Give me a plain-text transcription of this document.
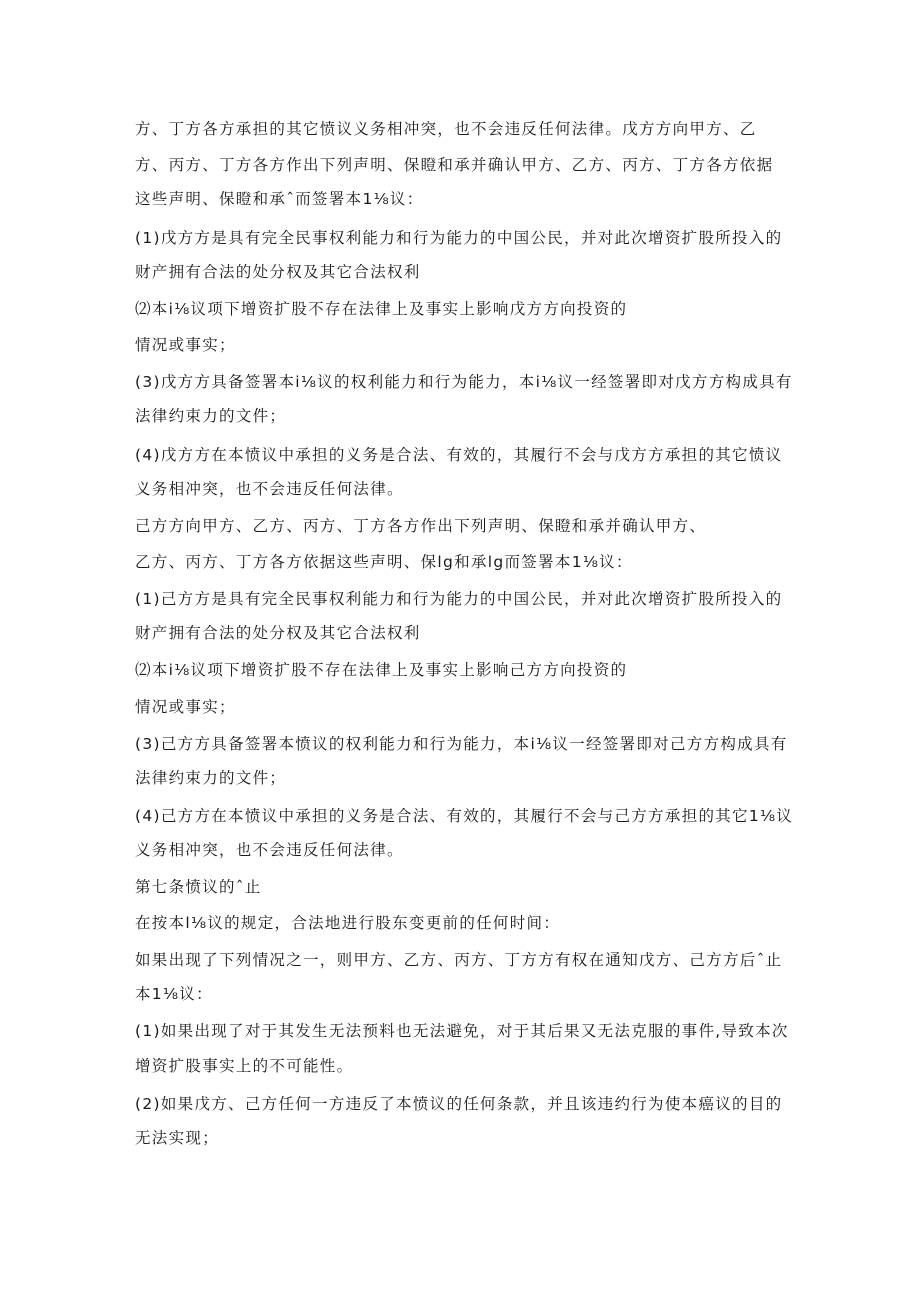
方、丁方各方承担的其它愤议义务相冲突，也不会违反任何法律。戊方方向甲方、乙
方、丙方、丁方各方作出下列声明、保瞪和承并确认甲方、乙方、丙方、丁方各方依据
这些声明、保瞪和承ˆ而签署本1⅛议：
(1)戊方方是具有完全民事权利能力和行为能力的中国公民，并对此次增资扩股所投入的
财产拥有合法的处分权及其它合法权利
⑵本i⅛议项下增资扩股不存在法律上及事实上影响戊方方向投资的
情况或事实；
(3)戊方方具备签署本i⅛议的权利能力和行为能力，本i⅛议一经签署即对戊方方构成具有
法律约束力的文件；
(4)戊方方在本愤议中承担的义务是合法、有效的，其履行不会与戊方方承担的其它愤议
义务相冲突，也不会违反任何法律。
己方方向甲方、乙方、丙方、丁方各方作出下列声明、保瞪和承并确认甲方、
乙方、丙方、丁方各方依据这些声明、保lg和承lg而签署本1⅛议：
(1)己方方是具有完全民事权利能力和行为能力的中国公民，并对此次增资扩股所投入的
财产拥有合法的处分权及其它合法权利
⑵本i⅛议项下增资扩股不存在法律上及事实上影响己方方向投资的
情况或事实；
(3)己方方具备签署本愤议的权利能力和行为能力，本i⅛议一经签署即对己方方构成具有
法律约束力的文件；
(4)己方方在本愤议中承担的义务是合法、有效的，其履行不会与己方方承担的其它1⅛议
义务相冲突，也不会违反任何法律。
第七条愤议的ˆ止
在按本l⅛议的规定，合法地进行股东变更前的任何时间：
如果出现了下列情况之一，则甲方、乙方、丙方、丁方方有权在通知戊方、己方方后ˆ止
本1⅛议：
(1)如果出现了对于其发生无法预料也无法避免，对于其后果又无法克服的事件,导致本次
增资扩股事实上的不可能性。
(2)如果戊方、己方任何一方违反了本愤议的任何条款，并且该违约行为使本癌议的目的
无法实现；
